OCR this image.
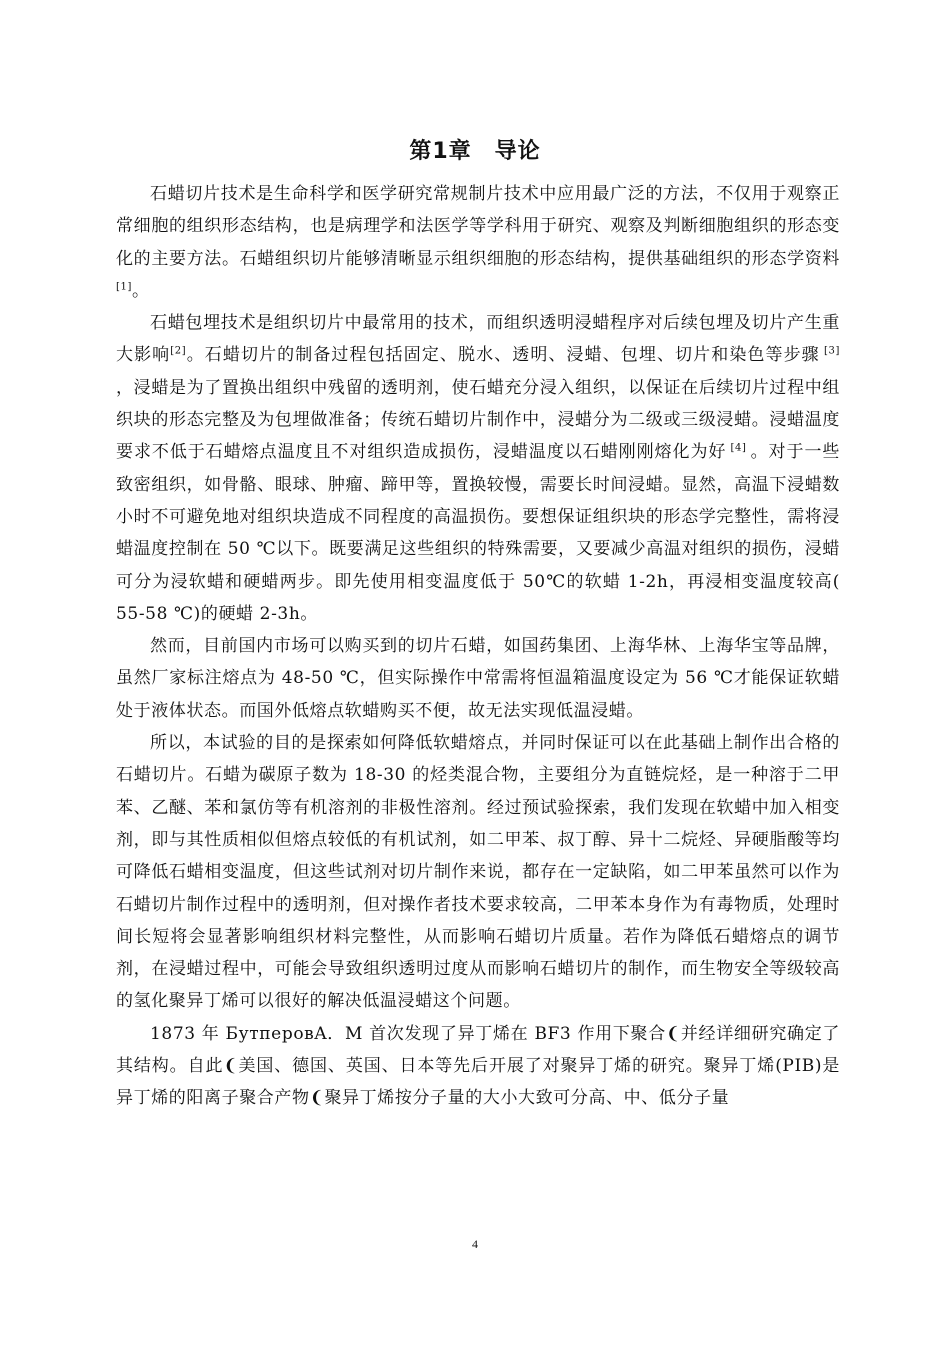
第1章　导论

石蜡切片技术是生命科学和医学研究常规制片技术中应用最广泛的方法，不仅用于观察正常细胞的组织形态结构，也是病理学和法医学等学科用于研究、观察及判断细胞组织的形态变化的主要方法。石蜡组织切片能够清晰显示组织细胞的形态结构，提供基础组织的形态学资料[1]。

石蜡包埋技术是组织切片中最常用的技术，而组织透明浸蜡程序对后续包埋及切片产生重大影响[2]。石蜡切片的制备过程包括固定、脱水、透明、浸蜡、包埋、切片和染色等步骤 [3] ，浸蜡是为了置换出组织中残留的透明剂，使石蜡充分浸入组织，以保证在后续切片过程中组织块的形态完整及为包埋做准备；传统石蜡切片制作中，浸蜡分为二级或三级浸蜡。浸蜡温度要求不低于石蜡熔点温度且不对组织造成损伤，浸蜡温度以石蜡刚刚熔化为好 [4] 。对于一些致密组织，如骨骼、眼球、肿瘤、蹄甲等，置换较慢，需要长时间浸蜡。显然，高温下浸蜡数小时不可避免地对组织块造成不同程度的高温损伤。要想保证组织块的形态学完整性，需将浸蜡温度控制在 50 ℃以下。既要满足这些组织的特殊需要，又要减少高温对组织的损伤，浸蜡可分为浸软蜡和硬蜡两步。即先使用相变温度低于 50℃的软蜡 1-2h，再浸相变温度较高( 55-58 ℃)的硬蜡 2-3h。

然而，目前国内市场可以购买到的切片石蜡，如国药集团、上海华林、上海华宝等品牌，虽然厂家标注熔点为 48-50 ℃，但实际操作中常需将恒温箱温度设定为 56 ℃才能保证软蜡处于液体状态。而国外低熔点软蜡购买不便，故无法实现低温浸蜡。

所以，本试验的目的是探索如何降低软蜡熔点，并同时保证可以在此基础上制作出合格的石蜡切片。石蜡为碳原子数为 18-30 的烃类混合物，主要组分为直链烷烃，是一种溶于二甲苯、乙醚、苯和氯仿等有机溶剂的非极性溶剂。经过预试验探索，我们发现在软蜡中加入相变剂，即与其性质相似但熔点较低的有机试剂，如二甲苯、叔丁醇、异十二烷烃、异硬脂酸等均可降低石蜡相变温度，但这些试剂对切片制作来说，都存在一定缺陷，如二甲苯虽然可以作为石蜡切片制作过程中的透明剂，但对操作者技术要求较高，二甲苯本身作为有毒物质，处理时间长短将会显著影响组织材料完整性，从而影响石蜡切片质量。若作为降低石蜡熔点的调节剂，在浸蜡过程中，可能会导致组织透明过度从而影响石蜡切片的制作，而生物安全等级较高的氢化聚异丁烯可以很好的解决低温浸蜡这个问题。

1873 年 БутперовA．M 首次发现了异丁烯在 BF3 作用下聚合❨并经详细研究确定了其结构。自此❨美国、德国、英国、日本等先后开展了对聚异丁烯的研究。聚异丁烯(PIB)是异丁烯的阳离子聚合产物❨聚异丁烯按分子量的大小大致可分高、中、低分子量

4
